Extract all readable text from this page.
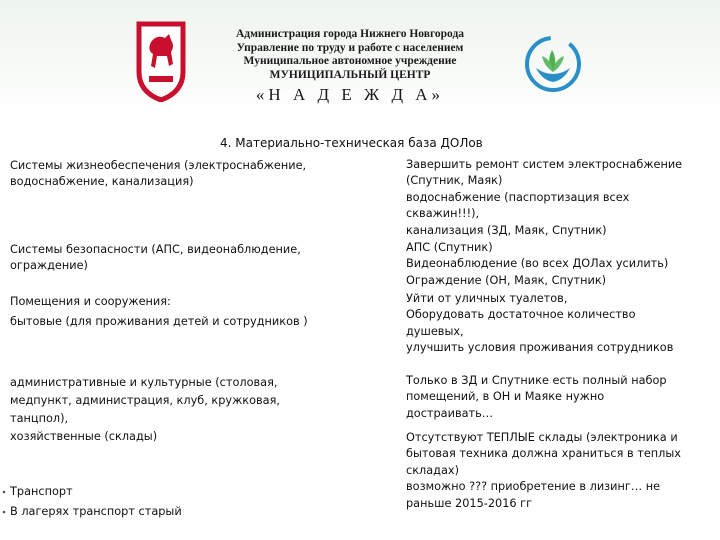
Администрация города Нижнего Новгорода
Управление по труду и работе с населением
Муниципальное автономное учреждение
МУНИЦИПАЛЬНЫЙ ЦЕНТР
«Н А Д Е Ж Д А»
4. Материально-техническая база ДОЛов
Системы жизнеобеспечения (электроснабжение,
водоснабжение, канализация)
Завершить ремонт систем электроснабжение
(Спутник, Маяк)
водоснабжение (паспортизация всех
скважин!!!),
канализация (ЗД, Маяк, Спутник)
Системы безопасности (АПС, видеонаблюдение,
ограждение)
АПС (Спутник)
Видеонаблюдение (во всех ДОЛах усилить)
Ограждение (ОН, Маяк, Спутник)
Помещения и сооружения:
бытовые (для проживания детей и сотрудников )
Уйти от уличных туалетов,
Оборудовать достаточное количество
душевых,
улучшить условия проживания сотрудников
административные и культурные (столовая,
медпункт, администрация, клуб, кружковая,
танцпол),
хозяйственные (склады)
Только в ЗД и Спутнике есть полный набор
помещений, в ОН и Маяке нужно
достраивать…
Отсутствуют ТЕПЛЫЕ склады (электроника и
бытовая техника должна храниться в теплых
складах)
возможно ??? приобретение в лизинг… не
раньше 2015-2016 гг
Транспорт
В лагерях транспорт старый
